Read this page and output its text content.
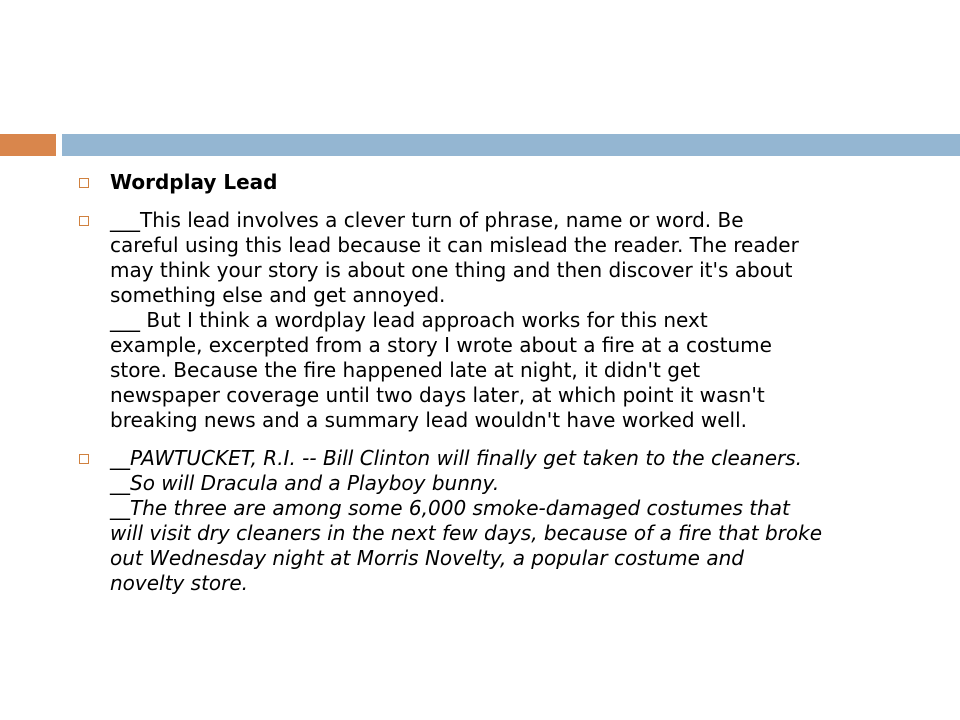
Wordplay Lead
___This lead involves a clever turn of phrase, name or word. Be
careful using this lead because it can mislead the reader. The reader
may think your story is about one thing and then discover it's about
something else and get annoyed.
___ But I think a wordplay lead approach works for this next
example, excerpted from a story I wrote about a fire at a costume
store. Because the fire happened late at night, it didn't get
newspaper coverage until two days later, at which point it wasn't
breaking news and a summary lead wouldn't have worked well.
__PAWTUCKET, R.I. -- Bill Clinton will finally get taken to the cleaners.
__So will Dracula and a Playboy bunny.
__The three are among some 6,000 smoke-damaged costumes that
will visit dry cleaners in the next few days, because of a fire that broke
out Wednesday night at Morris Novelty, a popular costume and
novelty store.
